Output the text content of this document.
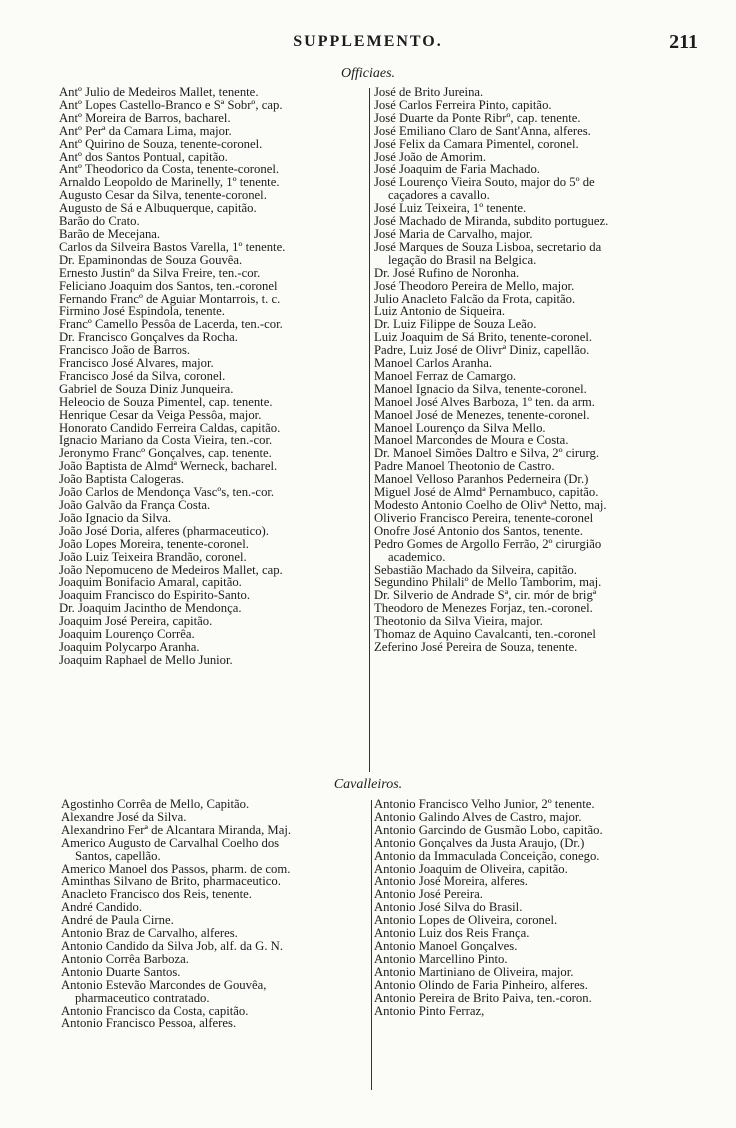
SUPPLEMENTO.	211
Officiaes.
Antº Julio de Medeiros Mallet, tenente.
Antº Lopes Castello-Branco e Sª Sobrº, cap.
Antº Moreira de Barros, bacharel.
Antº Perª da Camara Lima, major.
Antº Quirino de Souza, tenente-coronel.
Antº dos Santos Pontual, capitão.
Antº Theodorico da Costa, tenente-coronel.
Arnaldo Leopoldo de Marinelly, 1º tenente.
Augusto Cesar da Silva, tenente-coronel.
Augusto de Sá e Albuquerque, capitão.
Barão do Crato.
Barão de Mecejana.
Carlos da Silveira Bastos Varella, 1º tenente.
Dr. Epaminondas de Souza Gouvêa.
Ernesto Justinº da Silva Freire, ten.-cor.
Feliciano Joaquim dos Santos, ten.-coronel
Fernando Francº de Aguiar Montarrois, t. c.
Firmino José Espindola, tenente.
Francº Camello Pessôa de Lacerda, ten.-cor.
Dr. Francisco Gonçalves da Rocha.
Francisco João de Barros.
Francisco José Alvares, major.
Francisco José da Silva, coronel.
Gabriel de Souza Diniz Junqueira.
Heleocio de Souza Pimentel, cap. tenente.
Henrique Cesar da Veiga Pessôa, major.
Honorato Candido Ferreira Caldas, capitão.
Ignacio Mariano da Costa Vieira, ten.-cor.
Jeronymo Francº Gonçalves, cap. tenente.
João Baptista de Almdª Werneck, bacharel.
João Baptista Calogeras.
João Carlos de Mendonça Vascºs, ten.-cor.
João Galvão da França Costa.
João Ignacio da Silva.
João José Doria, alferes (pharmaceutico).
João Lopes Moreira, tenente-coronel.
João Luiz Teixeira Brandão, coronel.
João Nepomuceno de Medeiros Mallet, cap.
Joaquim Bonifacio Amaral, capitão.
Joaquim Francisco do Espirito-Santo.
Dr. Joaquim Jacintho de Mendonça.
Joaquim José Pereira, capitão.
Joaquim Lourenço Corrêa.
Joaquim Polycarpo Aranha.
Joaquim Raphael de Mello Junior.
José de Brito Jureina.
José Carlos Ferreira Pinto, capitão.
José Duarte da Ponte Ribrº, cap. tenente.
José Emiliano Claro de Sant'Anna, alferes.
José Felix da Camara Pimentel, coronel.
José João de Amorim.
José Joaquim de Faria Machado.
José Lourenço Vieira Souto, major do 5º de
caçadores a cavallo.
José Luiz Teixeira, 1º tenente.
José Machado de Miranda, subdito portuguez.
José Maria de Carvalho, major.
José Marques de Souza Lisboa, secretario da
legação do Brasil na Belgica.
Dr. José Rufino de Noronha.
José Theodoro Pereira de Mello, major.
Julio Anacleto Falcão da Frota, capitão.
Luiz Antonio de Siqueira.
Dr. Luiz Filippe de Souza Leão.
Luiz Joaquim de Sá Brito, tenente-coronel.
Padre, Luiz José de Olivrª Diniz, capellão.
Manoel Carlos Aranha.
Manoel Ferraz de Camargo.
Manoel Ignacio da Silva, tenente-coronel.
Manoel José Alves Barboza, 1º ten. da arm.
Manoel José de Menezes, tenente-coronel.
Manoel Lourenço da Silva Mello.
Manoel Marcondes de Moura e Costa.
Dr. Manoel Simões Daltro e Silva, 2º cirurg.
Padre Manoel Theotonio de Castro.
Manoel Velloso Paranhos Pederneira (Dr.)
Miguel José de Almdª Pernambuco, capitão.
Modesto Antonio Coelho de Olivª Netto, maj.
Oliverio Francisco Pereira, tenente-coronel
Onofre José Antonio dos Santos, tenente.
Pedro Gomes de Argollo Ferrão, 2º cirurgião
academico.
Sebastião Machado da Silveira, capitão.
Segundino Philaliº de Mello Tamborim, maj.
Dr. Silverio de Andrade Sª, cir. mór de brigª
Theodoro de Menezes Forjaz, ten.-coronel.
Theotonio da Silva Vieira, major.
Thomaz de Aquino Cavalcanti, ten.-coronel
Zeferino José Pereira de Souza, tenente.
Cavalleiros.
Agostinho Corrêa de Mello, Capitão.
Alexandre José da Silva.
Alexandrino Ferª de Alcantara Miranda, Maj.
Americo Augusto de Carvalhal Coelho dos
Santos, capellão.
Americo Manoel dos Passos, pharm. de com.
Aminthas Silvano de Brito, pharmaceutico.
Anacleto Francisco dos Reis, tenente.
André Candido.
André de Paula Cirne.
Antonio Braz de Carvalho, alferes.
Antonio Candido da Silva Job, alf. da G. N.
Antonio Corrêa Barboza.
Antonio Duarte Santos.
Antonio Estevão Marcondes de Gouvêa,
pharmaceutico contratado.
Antonio Francisco da Costa, capitão.
Antonio Francisco Pessoa, alferes.
Antonio Francisco Velho Junior, 2º tenente.
Antonio Galindo Alves de Castro, major.
Antonio Garcindo de Gusmão Lobo, capitão.
Antonio Gonçalves da Justa Araujo, (Dr.)
Antonio da Immaculada Conceição, conego.
Antonio Joaquim de Oliveira, capitão.
Antonio José Moreira, alferes.
Antonio José Pereira.
Antonio José Silva do Brasil.
Antonio Lopes de Oliveira, coronel.
Antonio Luiz dos Reis França.
Antonio Manoel Gonçalves.
Antonio Marcellino Pinto.
Antonio Martiniano de Oliveira, major.
Antonio Olindo de Faria Pinheiro, alferes.
Antonio Pereira de Brito Paiva, ten.-coron.
Antonio Pinto Ferraz,
